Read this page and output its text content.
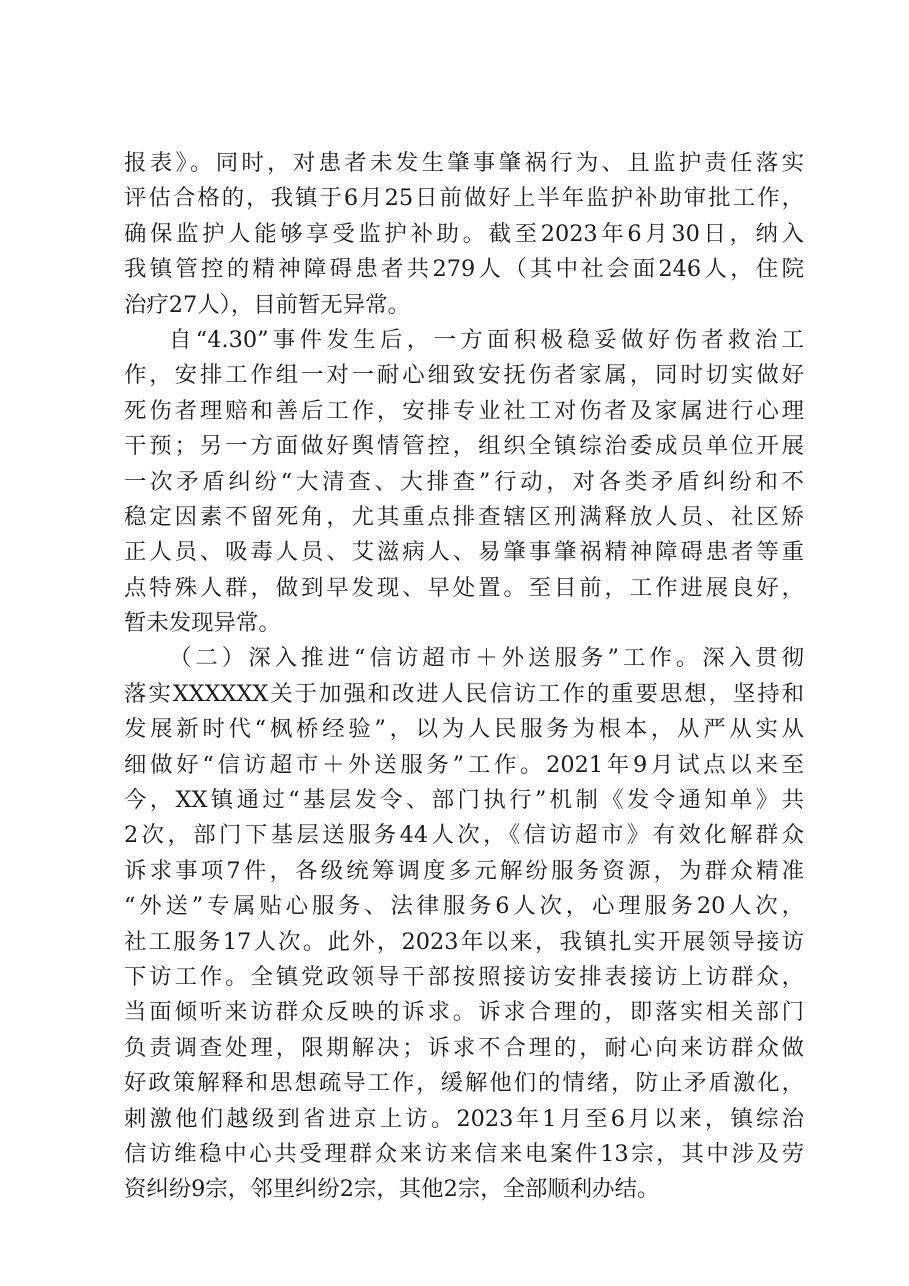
报表》。同时，对患者未发生肇事肇祸行为、且监护责任落实
评估合格的，我镇于6月25日前做好上半年监护补助审批工作，
确保监护人能够享受监护补助。截至2023年6月30日，纳入
我镇管控的精神障碍患者共279人（其中社会面246人，住院
治疗27人），目前暂无异常。
自“4.30”事件发生后，一方面积极稳妥做好伤者救治工
作，安排工作组一对一耐心细致安抚伤者家属，同时切实做好
死伤者理赔和善后工作，安排专业社工对伤者及家属进行心理
干预；另一方面做好舆情管控，组织全镇综治委成员单位开展
一次矛盾纠纷“大清查、大排查”行动，对各类矛盾纠纷和不
稳定因素不留死角，尤其重点排查辖区刑满释放人员、社区矫
正人员、吸毒人员、艾滋病人、易肇事肇祸精神障碍患者等重
点特殊人群，做到早发现、早处置。至目前，工作进展良好，
暂未发现异常。
（二）深入推进“信访超市＋外送服务”工作。深入贯彻
落实XXXXXX关于加强和改进人民信访工作的重要思想，坚持和
发展新时代“枫桥经验”，以为人民服务为根本，从严从实从
细做好“信访超市＋外送服务”工作。2021年9月试点以来至
今，XX镇通过“基层发令、部门执行”机制《发令通知单》共
2次，部门下基层送服务44人次，《信访超市》有效化解群众
诉求事项7件，各级统筹调度多元解纷服务资源，为群众精准
“外送”专属贴心服务、法律服务6人次，心理服务20人次，
社工服务17人次。此外，2023年以来，我镇扎实开展领导接访
下访工作。全镇党政领导干部按照接访安排表接访上访群众，
当面倾听来访群众反映的诉求。诉求合理的，即落实相关部门
负责调查处理，限期解决；诉求不合理的，耐心向来访群众做
好政策解释和思想疏导工作，缓解他们的情绪，防止矛盾激化，
刺激他们越级到省进京上访。2023年1月至6月以来，镇综治
信访维稳中心共受理群众来访来信来电案件13宗，其中涉及劳
资纠纷9宗，邻里纠纷2宗，其他2宗，全部顺利办结。
